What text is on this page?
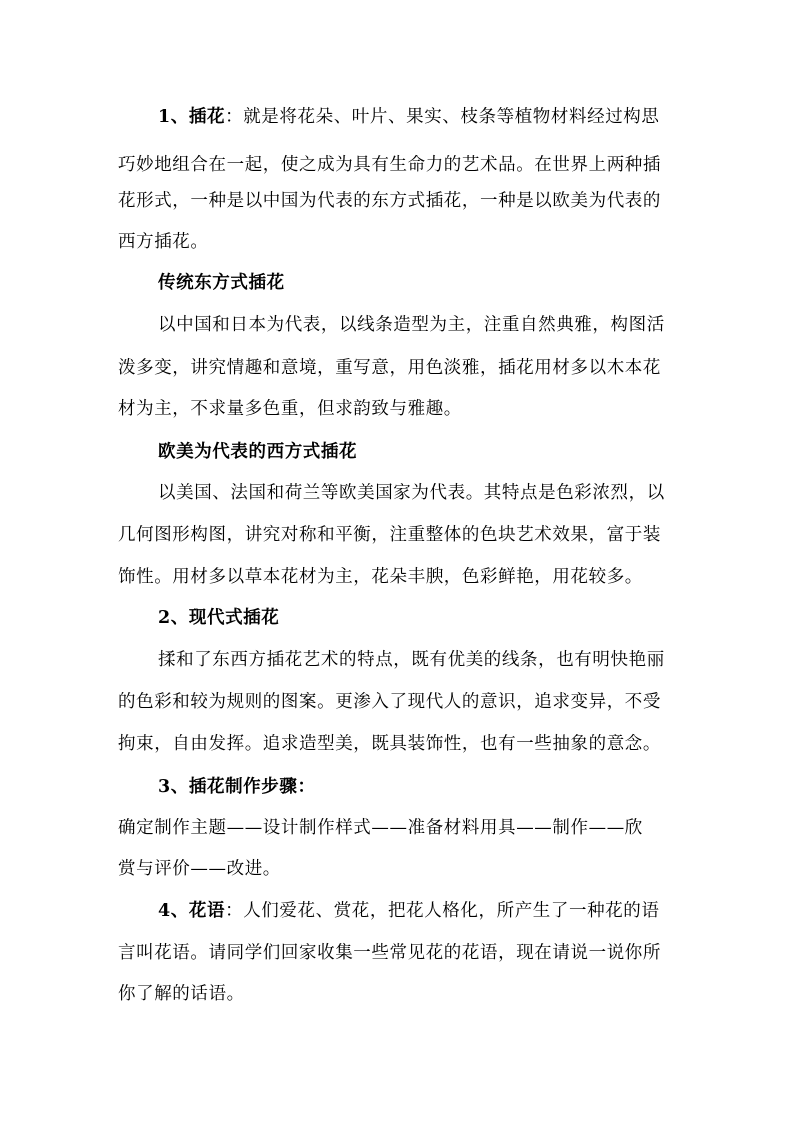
1、插花：就是将花朵、叶片、果实、枝条等植物材料经过构思
巧妙地组合在一起，使之成为具有生命力的艺术品。在世界上两种插
花形式，一种是以中国为代表的东方式插花，一种是以欧美为代表的
西方插花。
传统东方式插花
以中国和日本为代表，以线条造型为主，注重自然典雅，构图活
泼多变，讲究情趣和意境，重写意，用色淡雅，插花用材多以木本花
材为主，不求量多色重，但求韵致与雅趣。
欧美为代表的西方式插花
以美国、法国和荷兰等欧美国家为代表。其特点是色彩浓烈，以
几何图形构图，讲究对称和平衡，注重整体的色块艺术效果，富于装
饰性。用材多以草本花材为主，花朵丰腴，色彩鲜艳，用花较多。
2、现代式插花
揉和了东西方插花艺术的特点，既有优美的线条，也有明快艳丽
的色彩和较为规则的图案。更渗入了现代人的意识，追求变异，不受
拘束，自由发挥。追求造型美，既具装饰性，也有一些抽象的意念。
3、插花制作步骤：
确定制作主题——设计制作样式——准备材料用具——制作——欣
赏与评价——改进。
4、花语：人们爱花、赏花，把花人格化，所产生了一种花的语
言叫花语。请同学们回家收集一些常见花的花语，现在请说一说你所
你了解的话语。
